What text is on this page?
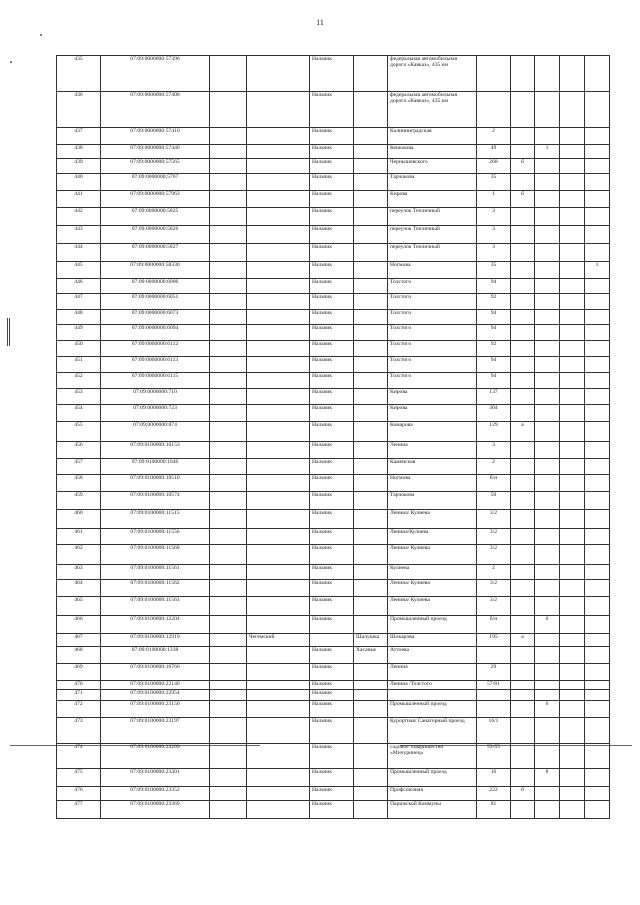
11
435	07:09:0000000:57396			Нальчик		федеральная автомобильная дорога «Кавказ», 435 км					
436	07:09:0000000:57408			Нальчик		федеральная автомобильная дорога «Кавказ», 435 км					
437	07:09:0000000:57410			Нальчик		Калининградская	2				
438	07:09:0000000:57440			Нальчик		Кешокова	49		1		
439	07:09:0000000:57565			Нальчик		Чернышевского	268	б			
440	07:09:0000000:5767			Нальчик		Тарчокова	35				
441	07:09:0000000:57963			Нальчик		Кирова	1	б			
442	07:09:0000000:5825			Нальчик		переулок Тепличный	3				
443	07:09:0000000:5826			Нальчик		переулок Тепличный	3				
444	07:09:0000000:5827			Нальчик		переулок Тепличный	3				
445	07:09:0000000:58330			Нальчик		Ногмова	35				1
446	07:09:0000000:6006			Нальчик		Толстого	94				
447	07:09:0000000:6051			Нальчик		Толстого	92				
448	07:09:0000000:6073			Нальчик		Толстого	94				
449	07:09:0000000:6094			Нальчик		Толстого	94				
450	07:09:0000000:6112			Нальчик		Толстого	92				
451	07:09:0000000:6113			Нальчик		Толстого	94				
452	07:09:0000000:6115			Нальчик		Толстого	94				
453	07:09:0000000:710			Нальчик		Кирова	137				
454	07:09:0000000:723			Нальчик		Кирова	304				
455	07:09:0000000:874			Нальчик		Комарова	129	а			
456	07:09:0100000:10153			Нальчик		Ленина	3				
457	07:09:0100000:1046			Нальчик		Каменская	2				
458	07:09:0100000:10510			Нальчик		Ногмова	б/н				
459	07:09:0100000:10574			Нальчик		Тарчокова	50				
460	07:09:0100000:11515			Нальчик		Ленина/ Кулиева	3/2				
461	07:09:0100000:11556			Нальчик		Ленина/Кулиева	3/2				
462	07:09:0100000:11560			Нальчик		Ленина/ Кулиева	3/2				
463	07:09:0100000:11561			Нальчик		Кулиева	2				
464	07:09:0100000:11562			Нальчик		Ленина/ Кулиева	3/2				
465	07:09:0100000:11563			Нальчик		Ленина/ Кулиева	3/2				
466	07:09:0100000:12204			Нальчик		Промышленный проезд	б/н		6		
467	07:09:0100000:12919		Чегемский		Шалушка	Шокарова	195	а			
468	07:09:0100000:1338			Нальчик	Хасанья	Аттоева					
469	07:09:0100000:16766			Нальчик		Ленина	29				
470	07:09:0100000:22140			Нальчик		Ленина /Толстого	57/81				
471	07:09:0100000:22954			Нальчик							
472	07:09:0100000:23150			Нальчик		Промышленный проезд			6		
473	07:09:0100000:23197			Нальчик		Курортная/ Санаторный проезд	16/1				
474	07:09:0100000:23209			Нальчик		садовое товарищество «Мичуринец»	53-55				
475	07:09:0100000:23301			Нальчик		Промышленный проезд	16		8		
476	07:09:0100000:23352			Нальчик		Профсоюзная	222	б			
477	07:09:0100000:23369			Нальчик		Парижской Коммуны	81				
